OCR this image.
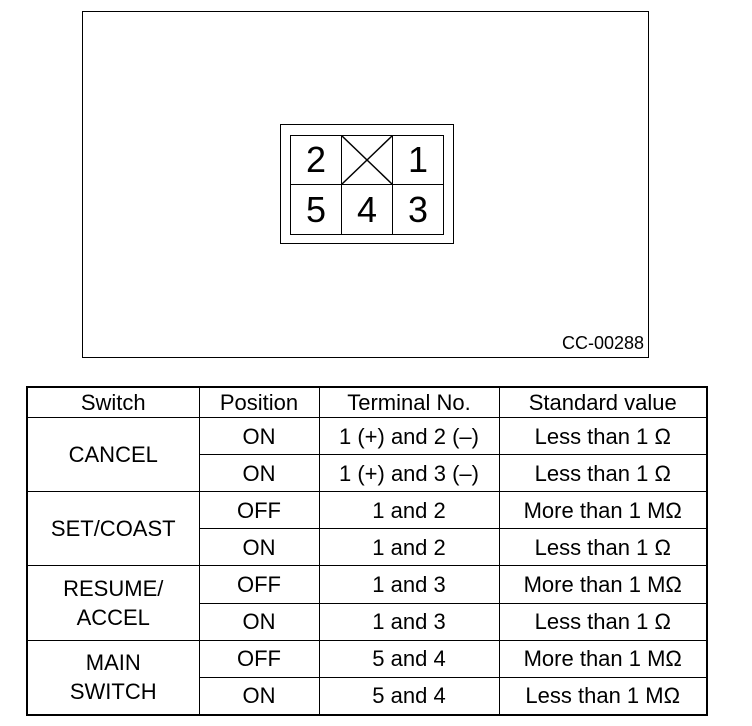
CC-00288
2	1
5 4 3
Switch	Position	Terminal No.	Standard value
CANCEL	ON	1 (+) and 2 (–)	Less than 1 Ω
	ON	1 (+) and 3 (–)	Less than 1 Ω
SET/COAST	OFF	1 and 2	More than 1 MΩ
	ON	1 and 2	Less than 1 Ω
RESUME/
ACCEL	OFF	1 and 3	More than 1 MΩ
	ON	1 and 3	Less than 1 Ω
MAIN
SWITCH	OFF	5 and 4	More than 1 MΩ
	ON	5 and 4	Less than 1 MΩ
